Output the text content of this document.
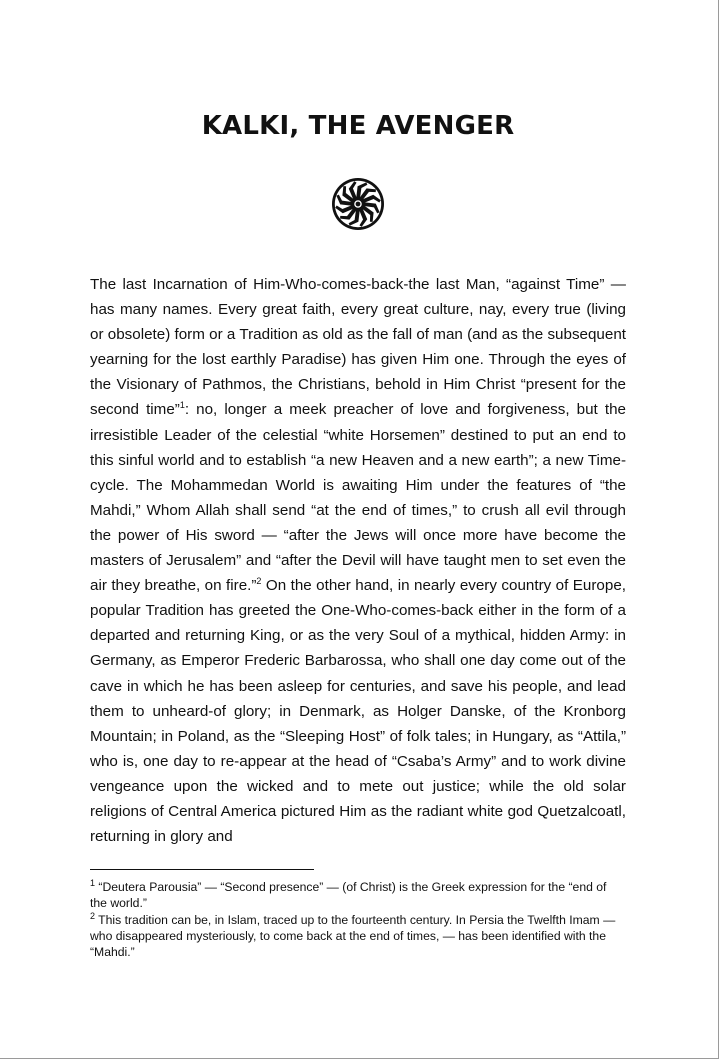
KALKI, THE AVENGER

The last Incarnation of Him-Who-comes-back-the last Man, “against Time” — has many names. Every great faith, every great culture, nay, every true (living or obsolete) form or a Tradition as old as the fall of man (and as the subsequent yearning for the lost earthly Paradise) has given Him one. Through the eyes of the Visionary of Pathmos, the Christians, behold in Him Christ “present for the second time”$^1$: no, longer a meek preacher of love and forgiveness, but the irresistible Leader of the celestial “white Horsemen” destined to put an end to this sinful world and to establish “a new Heaven and a new earth”; a new Time-cycle. The Mohammedan World is awaiting Him under the features of “the Mahdi,” Whom Allah shall send “at the end of times,” to crush all evil through the power of His sword — “after the Jews will once more have become the masters of Jerusalem” and “after the Devil will have taught men to set even the air they breathe, on fire.”$^2$ On the other hand, in nearly every country of Europe, popular Tradition has greeted the One-Who-comes-back either in the form of a departed and returning King, or as the very Soul of a mythical, hidden Army: in Germany, as Emperor Frederic Barbarossa, who shall one day come out of the cave in which he has been asleep for centuries, and save his people, and lead them to unheard-of glory; in Denmark, as Holger Danske, of the Kronborg Mountain; in Poland, as the “Sleeping Host” of folk tales; in Hungary, as “Attila,” who is, one day to re-appear at the head of “Csaba’s Army” and to work divine vengeance upon the wicked and to mete out justice; while the old solar religions of Central America pictured Him as the radiant white god Quetzalcoatl, returning in glory and

$^1$ “Deutera Parousia” — “Second presence” — (of Christ) is the Greek expression for the “end of the world.”

$^2$ This tradition can be, in Islam, traced up to the fourteenth century. In Persia the Twelfth Imam — who disappeared mysteriously, to come back at the end of times, — has been identified with the “Mahdi.”
